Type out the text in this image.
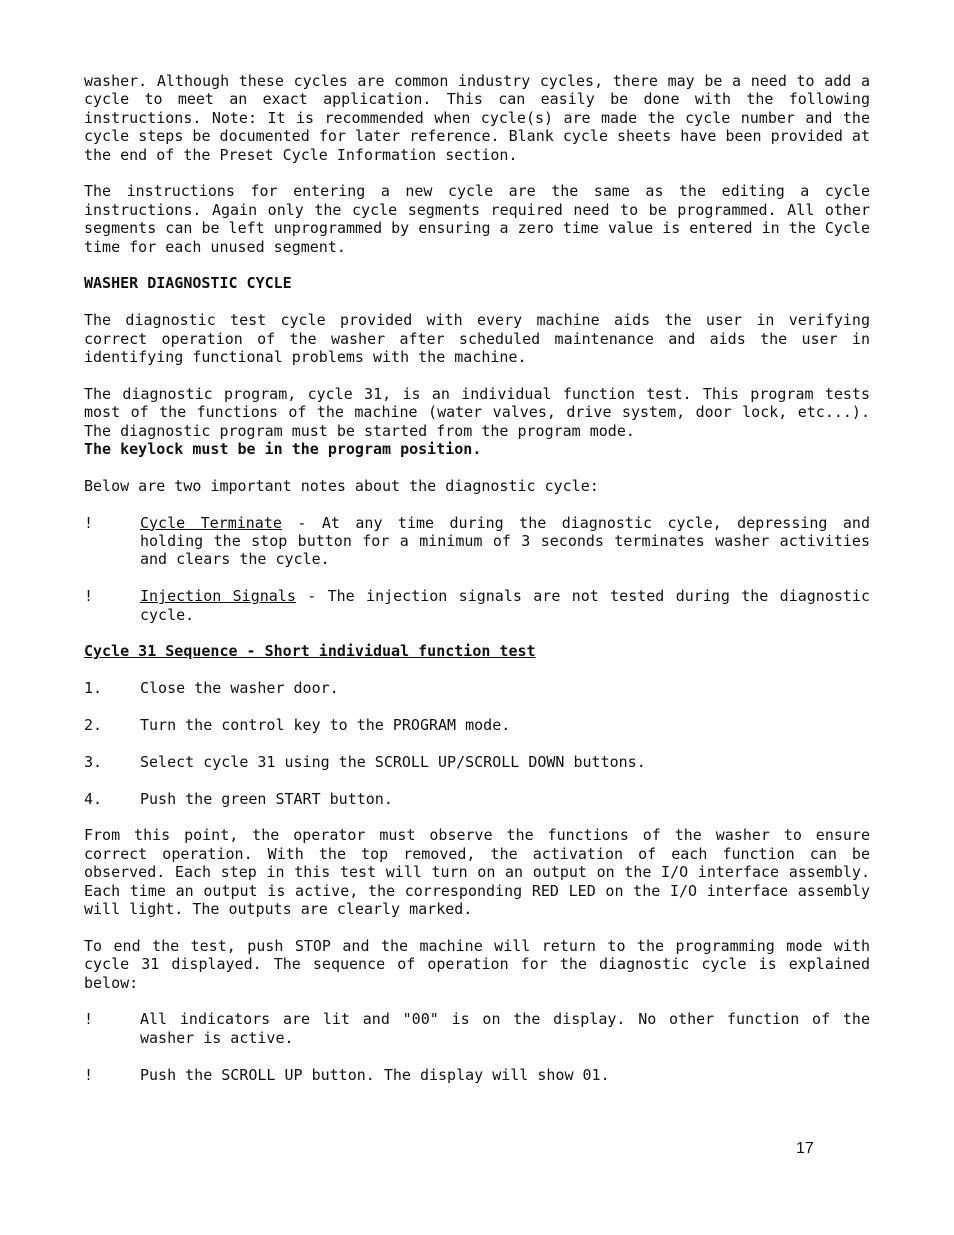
washer. Although these cycles are common industry cycles, there may be a need to add a cycle to meet an exact application. This can easily be done with the following instructions. Note: It is recommended when cycle(s) are made the cycle number and the cycle steps be documented for later reference. Blank cycle sheets have been provided at the end of the Preset Cycle Information section.

The instructions for entering a new cycle are the same as the editing a cycle instructions. Again only the cycle segments required need to be programmed. All other segments can be left unprogrammed by ensuring a zero time value is entered in the Cycle time for each unused segment.

WASHER DIAGNOSTIC CYCLE

The diagnostic test cycle provided with every machine aids the user in verifying correct operation of the washer after scheduled maintenance and aids the user in identifying functional problems with the machine.

The diagnostic program, cycle 31, is an individual function test. This program tests most of the functions of the machine (water valves, drive system, door lock, etc...). The diagnostic program must be started from the program mode.
The keylock must be in the program position.

Below are two important notes about the diagnostic cycle:

!	Cycle Terminate - At any time during the diagnostic cycle, depressing and holding the stop button for a minimum of 3 seconds terminates washer activities and clears the cycle.
!	Injection Signals - The injection signals are not tested during the diagnostic cycle.
Cycle 31 Sequence - Short individual function test
1.	Close the washer door.
2.	Turn the control key to the PROGRAM mode.
3.	Select cycle 31 using the SCROLL UP/SCROLL DOWN buttons.
4.	Push the green START button.

From this point, the operator must observe the functions of the washer to ensure correct operation. With the top removed, the activation of each function can be observed. Each step in this test will turn on an output on the I/O interface assembly. Each time an output is active, the corresponding RED LED on the I/O interface assembly will light. The outputs are clearly marked.

To end the test, push STOP and the machine will return to the programming mode with cycle 31 displayed. The sequence of operation for the diagnostic cycle is explained below:

!	All indicators are lit and "00" is on the display. No other function of the washer is active.
!	Push the SCROLL UP button. The display will show 01.
17
